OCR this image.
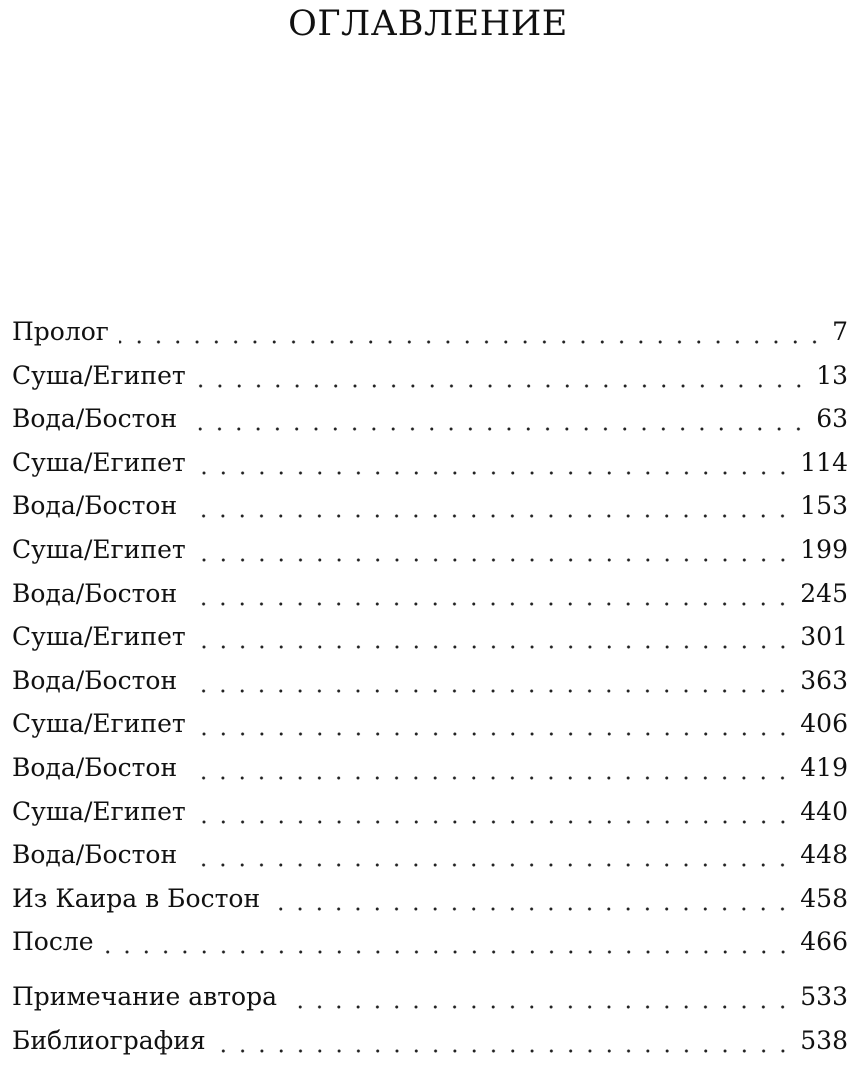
ОГЛАВЛЕНИЕ
Пролог	7
Суша/Египет	13
Вода/Бостон	63
Суша/Египет	114
Вода/Бостон	153
Суша/Египет	199
Вода/Бостон	245
Суша/Египет	301
Вода/Бостон	363
Суша/Египет	406
Вода/Бостон	419
Суша/Египет	440
Вода/Бостон	448
Из Каира в Бостон	458
После	466
Примечание автора	533
Библиография	538
